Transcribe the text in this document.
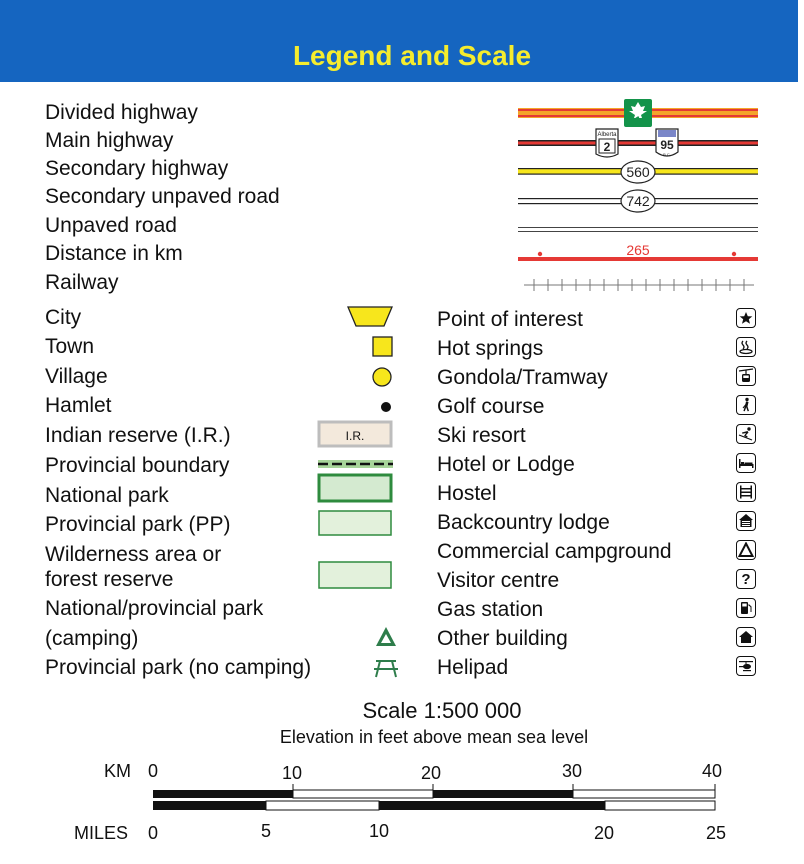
Legend and Scale
Divided highway
Main highway
Secondary highway
Secondary unpaved road
Unpaved road
Distance in km
Railway
1
Alberta
2	95
B.C.
560
742
265
City
Town
Village
Hamlet
Indian reserve (I.R.)
Provincial boundary
National park
Provincial park (PP)
Wilderness area or
forest reserve
National/provincial park
(camping)
Provincial park (no camping)
I.R.
Point of interest
Hot springs
Gondola/Tramway
Golf course
Ski resort
Hotel or Lodge
Hostel
Backcountry lodge
Commercial campground
Visitor centre
Gas station
Other building
Helipad
?
Scale 1:500 000
Elevation in feet above mean sea level
KM 0	10	20	30	40
MILES 0	5	10	20	25
